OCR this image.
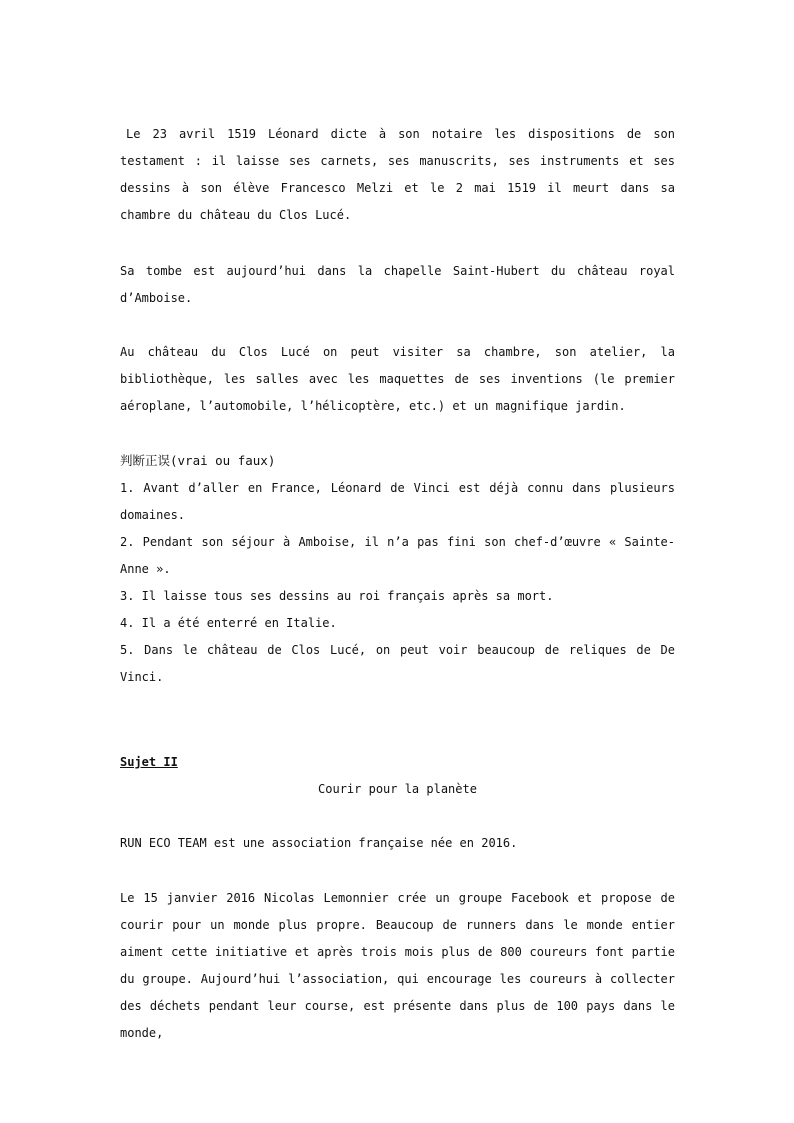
Le 23 avril 1519 Léonard dicte à son notaire les dispositions de son testament : il laisse ses carnets, ses manuscrits, ses instruments et ses dessins à son élève Francesco Melzi et le 2 mai 1519 il meurt dans sa chambre du château du Clos Lucé.

Sa tombe est aujourd’hui dans la chapelle Saint-Hubert du château royal d’Amboise.

Au château du Clos Lucé on peut visiter sa chambre, son atelier, la bibliothèque, les salles avec les maquettes de ses inventions (le premier aéroplane, l’automobile, l’hélicoptère, etc.) et un magnifique jardin.

判断正误(vrai ou faux)

1. Avant d’aller en France, Léonard de Vinci est déjà connu dans plusieurs domaines.
2. Pendant son séjour à Amboise, il n’a pas fini son chef-d’œuvre « Sainte-Anne ».
3. Il laisse tous ses dessins au roi français après sa mort.
4. Il a été enterré en Italie.
5. Dans le château de Clos Lucé, on peut voir beaucoup de reliques de De Vinci.

Sujet II

Courir pour la planète

RUN ECO TEAM est une association française née en 2016.

Le 15 janvier 2016 Nicolas Lemonnier crée un groupe Facebook et propose de courir pour un monde plus propre. Beaucoup de runners dans le monde entier aiment cette initiative et après trois mois plus de 800 coureurs font partie du groupe. Aujourd’hui l’association, qui encourage les coureurs à collecter des déchets pendant leur course, est présente dans plus de 100 pays dans le monde,
